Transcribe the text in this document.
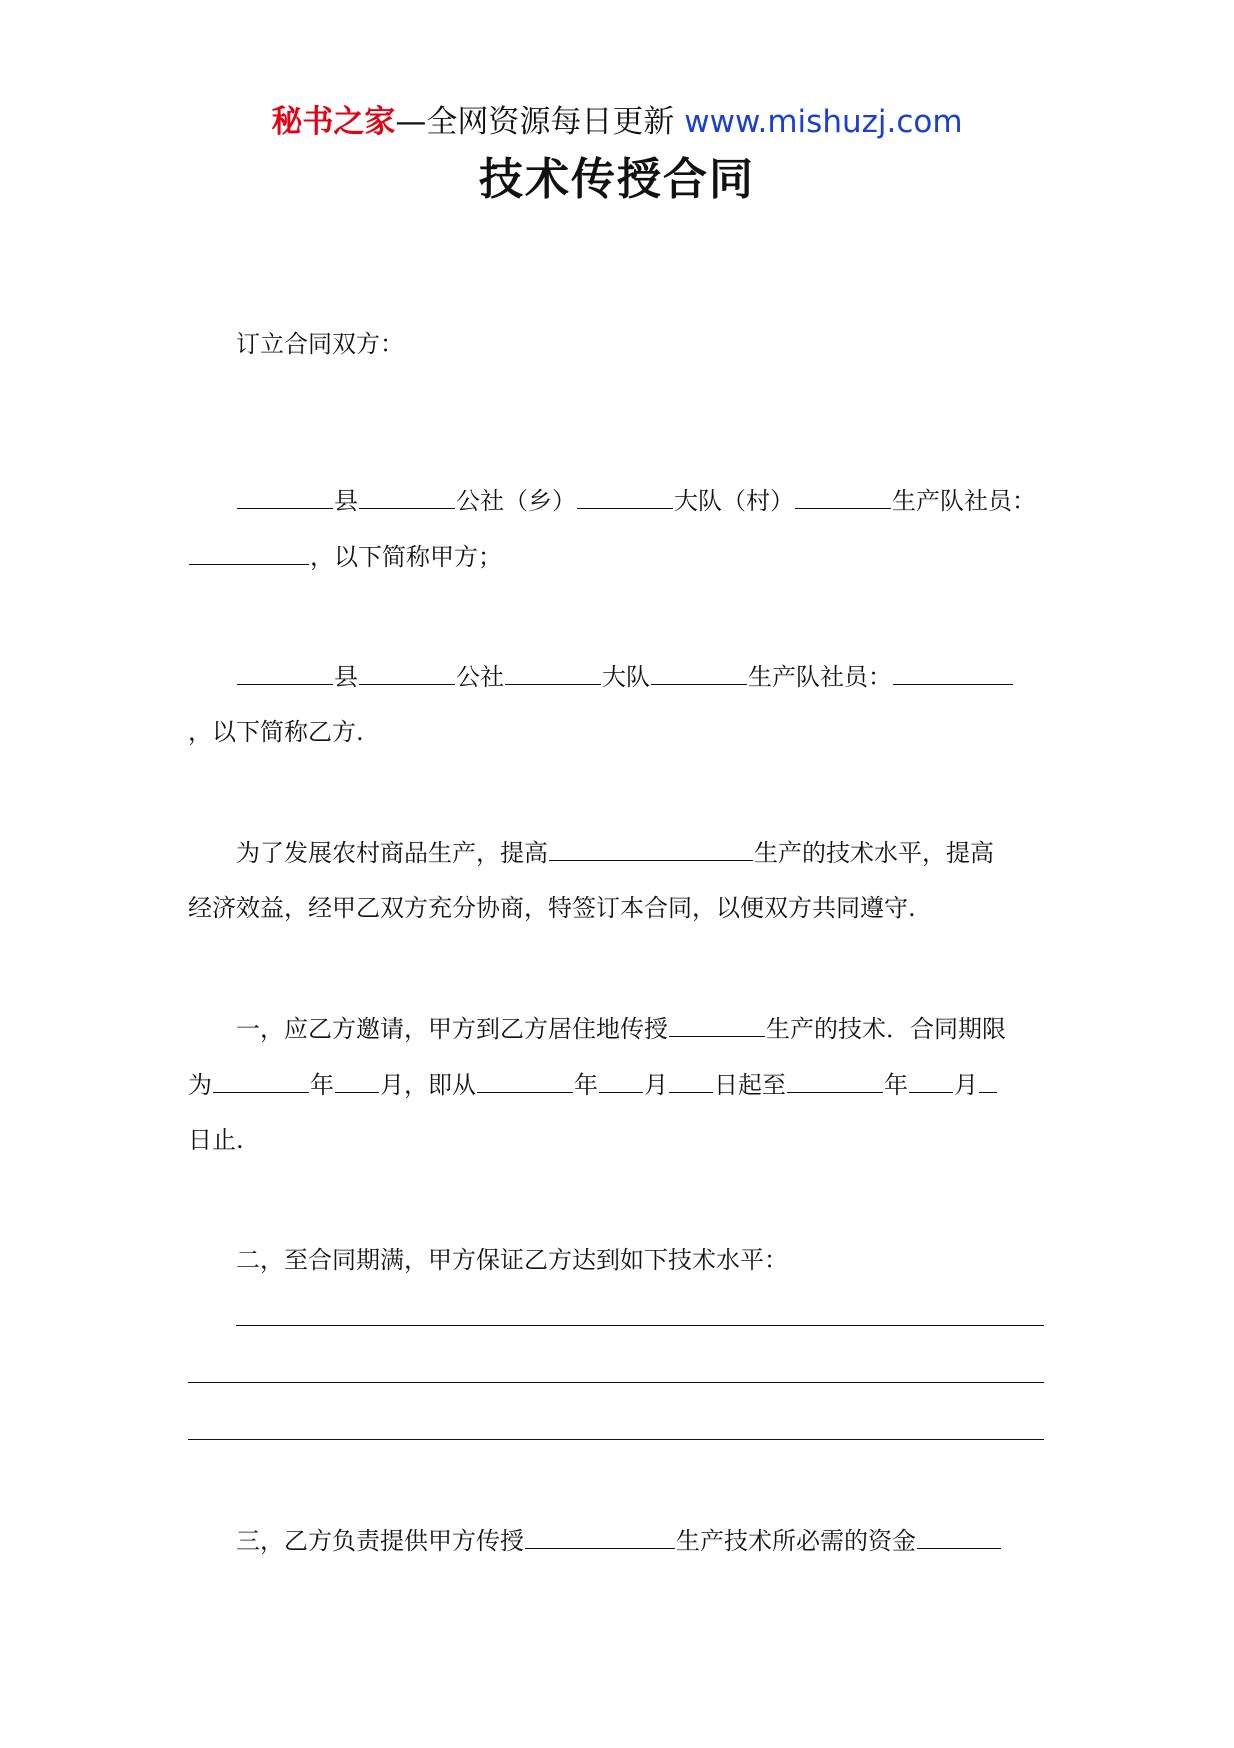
秘书之家—全网资源每日更新 www.mishuzj.com
技术传授合同
订立合同双方：
县	公社（乡）	大队（村）	生产队社员：
，以下简称甲方；
县	公社	大队	生产队社员：
，以下简称乙方.
为了发展农村商品生产，提高	生产的技术水平，提高
经济效益，经甲乙双方充分协商，特签订本合同，以便双方共同遵守.
一，应乙方邀请，甲方到乙方居住地传授	生产的技术．合同期限
为	年 月，即从	年 月 日起至	年 月
日止.
二，至合同期满，甲方保证乙方达到如下技术水平：
三，乙方负责提供甲方传授	生产技术所必需的资金
